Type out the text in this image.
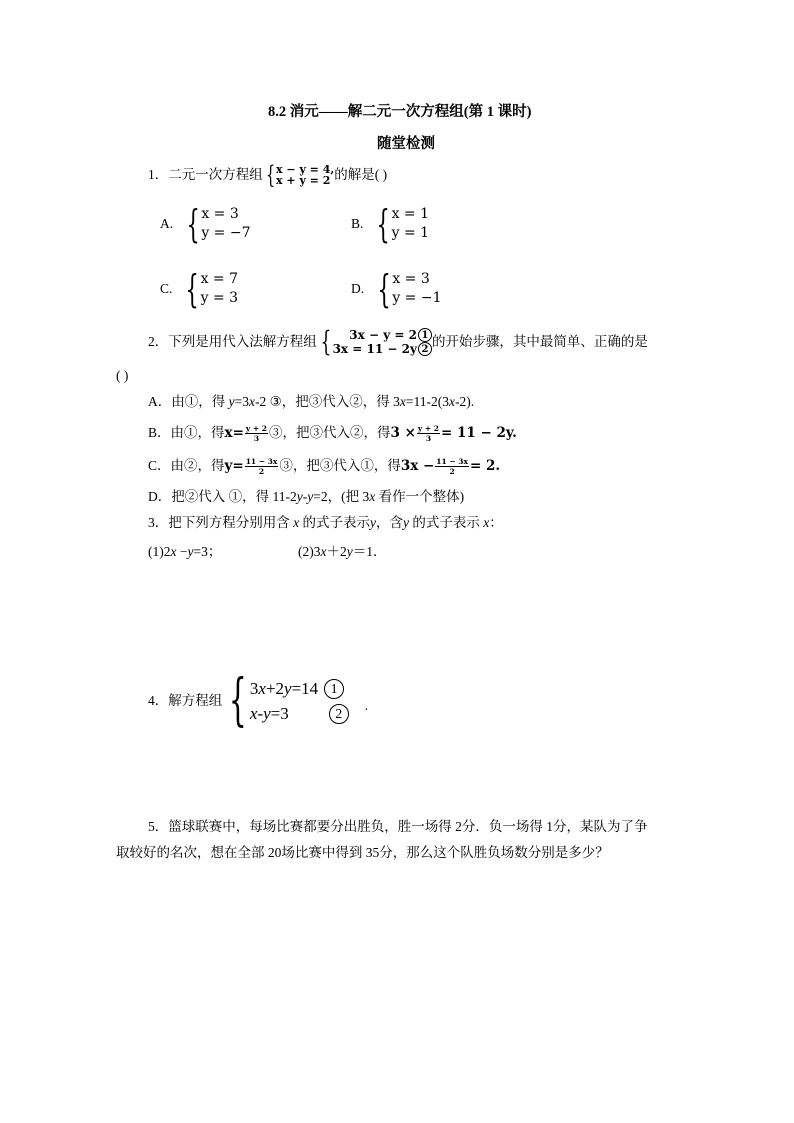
8.2 消元——解二元一次方程组(第 1 课时)
随堂检测
1．二元一次方程组 { x − y = 4,
x + y = 2 的解是( )
A. { x = 3
y = −7
B. { x = 1
y = 1
C. { x = 7
y = 3
D. { x = 3
y = −1
2．下列是用代入法解方程组 { 3x − y = 2 1
3x = 11 − 2y 2
的开始步骤，其中最简单、正确的是
( )
A．由①，得 y=3x-2 ③，把③代入②，得 3x=11-2(3x-2).
B．由①，得 $x = \frac{y + 2}{3}$ ③，把③代入②，得 $3 \times \frac{y + 2}{3} = 11 - 2y$.
C．由②，得 $y = \frac{11 - 3x}{2}$ ③，把③代入①，得 $3x - \frac{11 - 3x}{2} = 2$.
D．把②代入 ①，得 11-2y-y=2，(把 3x 看作一个整体)
3．把下列方程分别用含 x 的式子表示y，含y 的式子表示 x：
(1)2x −y=3；	(2)3x＋2y＝1．
4．解方程组 { 3 x +2 y =14 1
x - y =3	2
.
5．篮球联赛中，每场比赛都要分出胜负，胜一场得 2分．负一场得 1分，某队为了争
取较好的名次，想在全部 20场比赛中得到 35分，那么这个队胜负场数分别是多少？
